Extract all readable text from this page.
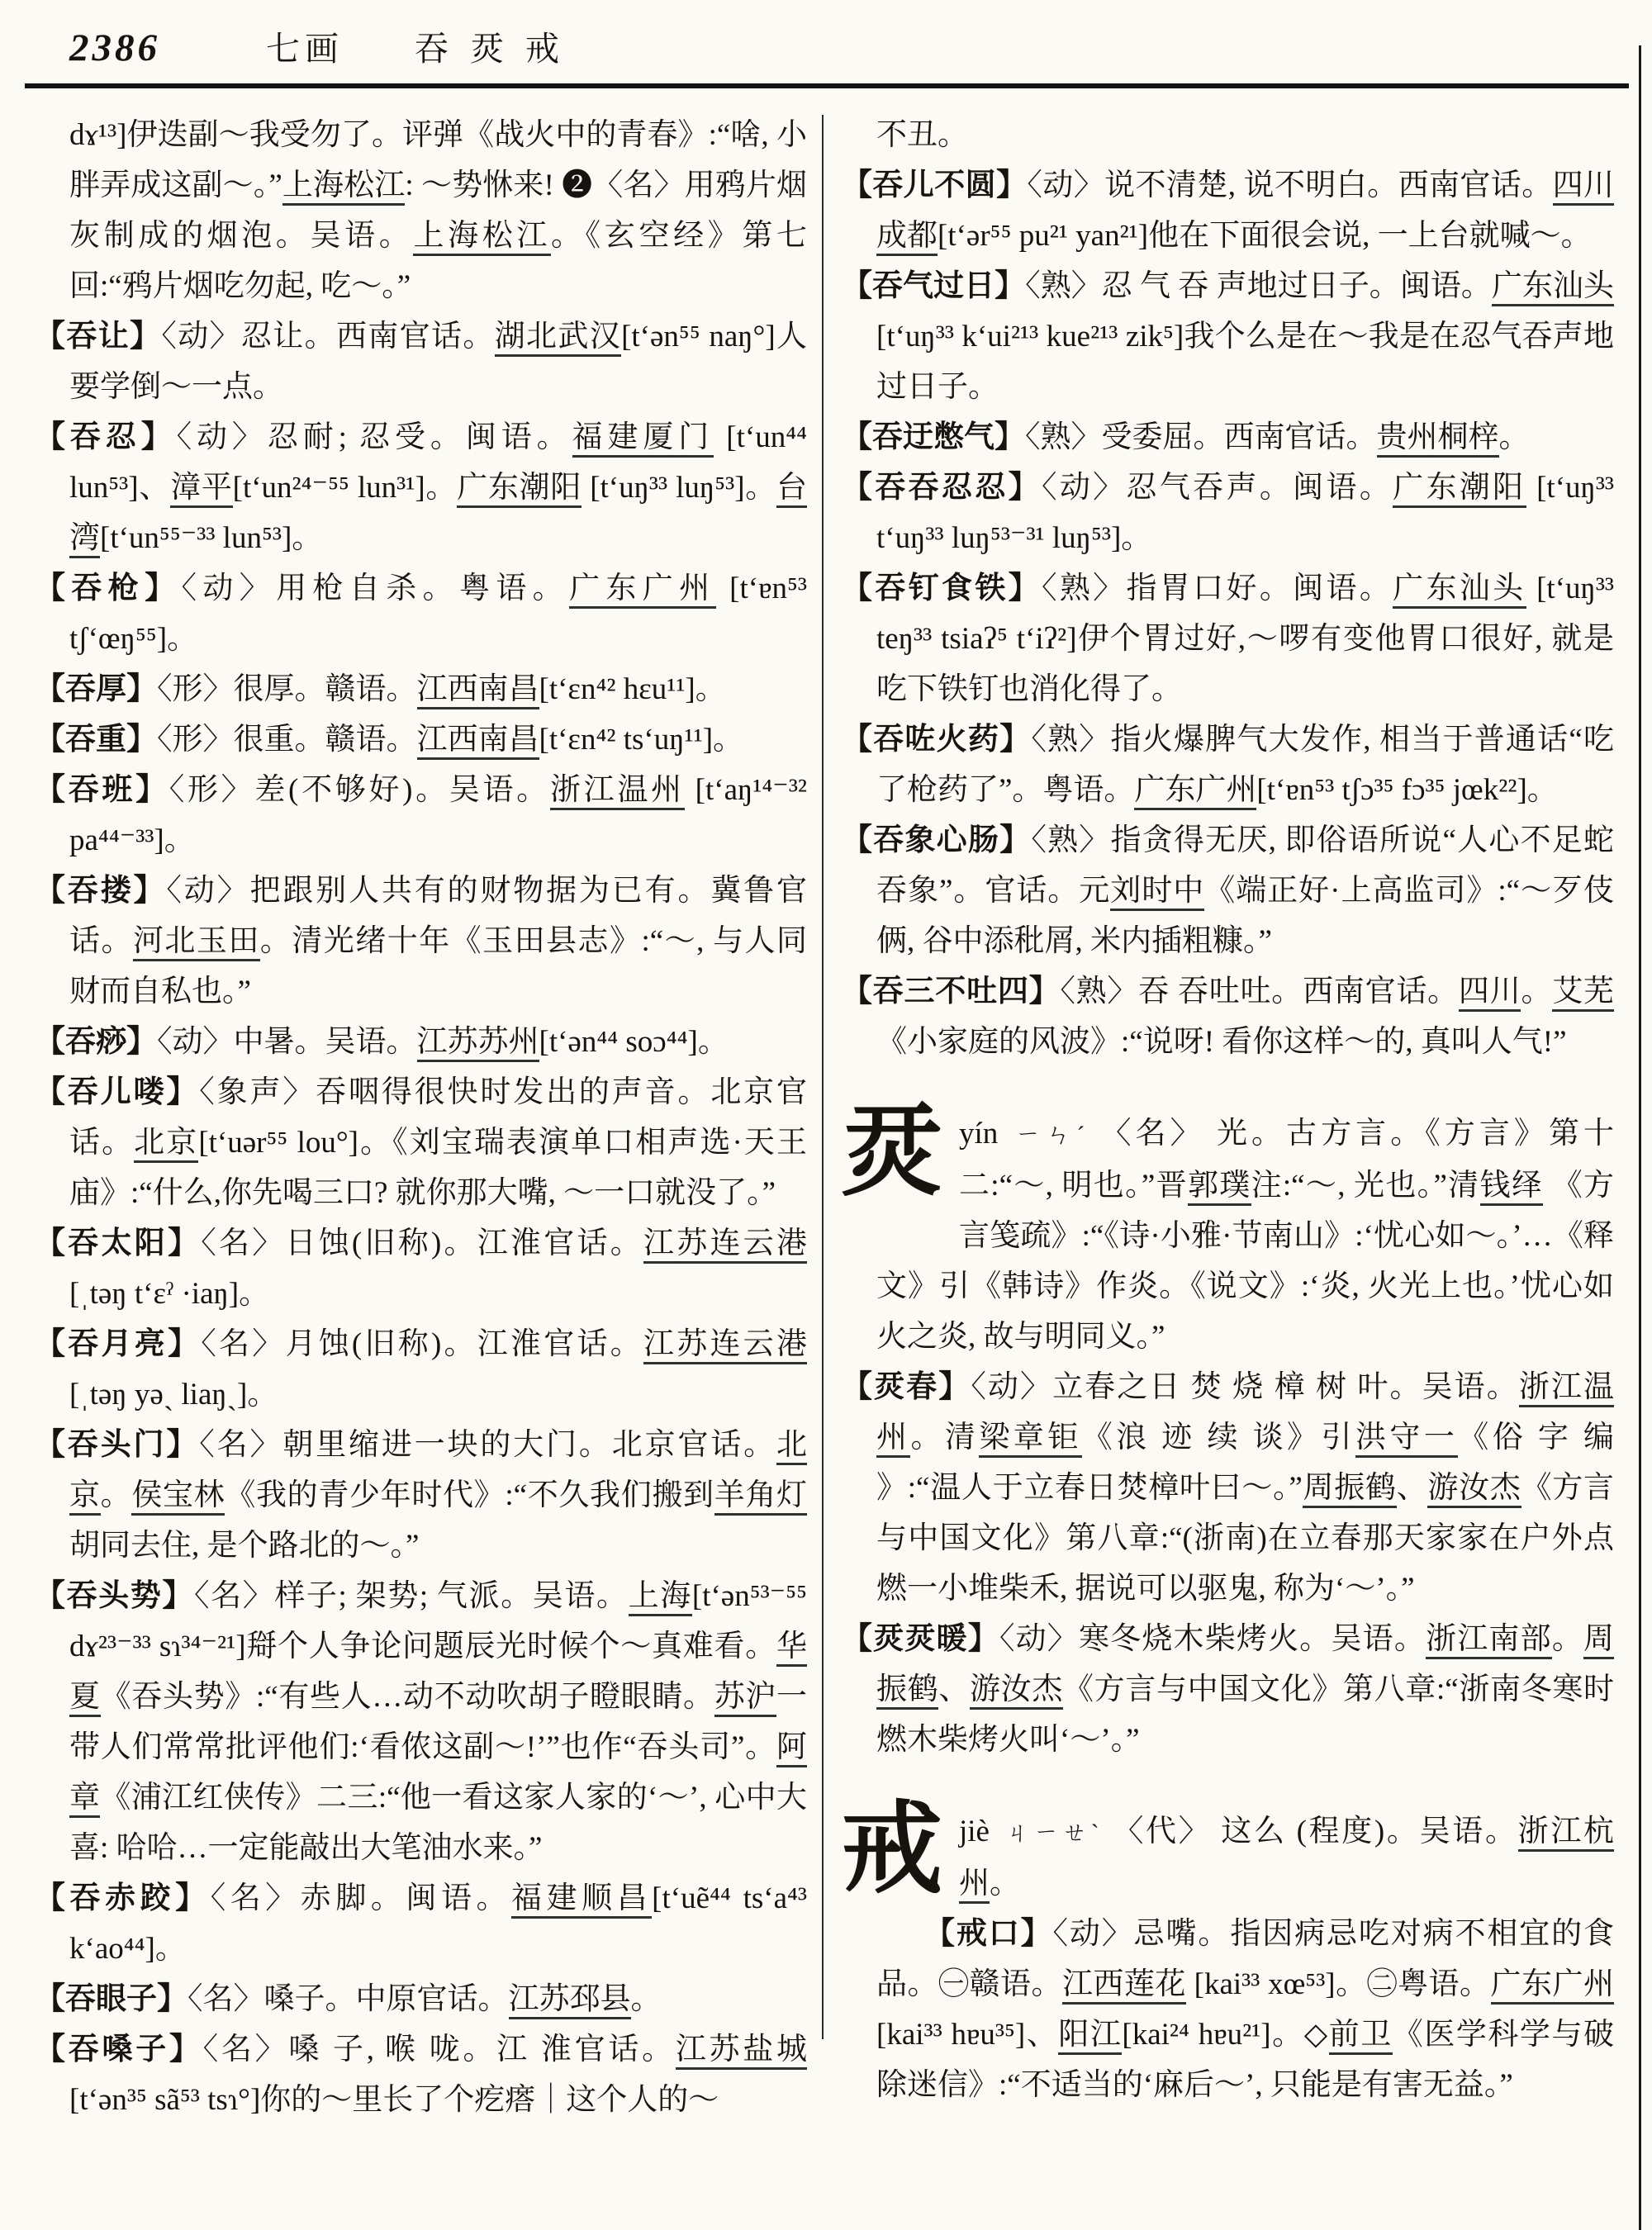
2386	七画 吞烎戒
dɤ¹³]伊迭副～我受勿了。评弹《战火中的青春》:“啥, 小胖弄成这副～。”上海松江: ～势恘来! ❷〈名〉用鸦片烟灰制成的烟泡。吴语。上海松江。《玄空经》第七回:“鸦片烟吃勿起, 吃～。”
【吞让】〈动〉忍让。西南官话。湖北武汉[tʻən⁵⁵ naŋ°]人要学倒～一点。
【吞忍】〈动〉忍耐; 忍受。闽语。福建厦门 [tʻun⁴⁴ lun⁵³]、漳平[tʻun²⁴⁻⁵⁵ lun³¹]。广东潮阳 [tʻuŋ³³ luŋ⁵³]。台湾[tʻun⁵⁵⁻³³ lun⁵³]。
【吞枪】〈动〉用枪自杀。粤语。广东广州 [tʻɐn⁵³ tʃʻœŋ⁵⁵]。
【吞厚】〈形〉很厚。赣语。江西南昌[tʻɛn⁴² hɛu¹¹]。
【吞重】〈形〉很重。赣语。江西南昌[tʻɛn⁴² tsʻuŋ¹¹]。
【吞班】〈形〉差(不够好)。吴语。浙江温州 [tʻaŋ¹⁴⁻³² pa⁴⁴⁻³³]。
【吞搂】〈动〉把跟别人共有的财物据为已有。冀鲁官话。河北玉田。清光绪十年《玉田县志》:“～, 与人同财而自私也。”
【吞痧】〈动〉中暑。吴语。江苏苏州[tʻən⁴⁴ soɔ⁴⁴]。
【吞儿喽】〈象声〉吞咽得很快时发出的声音。北京官话。北京[tʻuər⁵⁵ lou°]。《刘宝瑞表演单口相声选·天王庙》:“什么,你先喝三口? 就你那大嘴, ～一口就没了。”
【吞太阳】〈名〉日蚀(旧称)。江淮官话。江苏连云港 [ˌtəŋ tʻɛˀ ·iaŋ]。
【吞月亮】〈名〉月蚀(旧称)。江淮官话。江苏连云港 [ˌtəŋ yəˎ liaŋˎ]。
【吞头门】〈名〉朝里缩进一块的大门。北京官话。北京。侯宝林《我的青少年时代》:“不久我们搬到羊角灯胡同去住, 是个路北的～。”
【吞头势】〈名〉样子; 架势; 气派。吴语。上海[tʻən⁵³⁻⁵⁵ dɤ²³⁻³³ sɿ³⁴⁻²¹]搿个人争论问题辰光时候个～真难看。华夏《吞头势》:“有些人…动不动吹胡子瞪眼睛。苏沪一带人们常常批评他们:‘看侬这副～!’”也作“吞头司”。阿章《浦江红侠传》二三:“他一看这家人家的‘～’, 心中大喜: 哈哈…一定能敲出大笔油水来。”
【吞赤跤】〈名〉赤脚。闽语。福建顺昌[tʻuẽ⁴⁴ tsʻa⁴³ kʻao⁴⁴]。
【吞眼子】〈名〉嗓子。中原官话。江苏邳县。
【吞嗓子】〈名〉嗓 子, 喉 咙。江 淮官话。江苏盐城[tʻən³⁵ sã⁵³ tsɿ°]你的～里长了个疙瘩｜这个人的～
不丑。
【吞儿不圆】〈动〉说不清楚, 说不明白。西南官话。四川成都[tʻər⁵⁵ pu²¹ yan²¹]他在下面很会说, 一上台就喊～。
【吞气过日】〈熟〉忍 气 吞 声地过日子。闽语。广东汕头[tʻuŋ³³ kʻui²¹³ kue²¹³ zik⁵]我个么是在～我是在忍气吞声地过日子。
【吞迂憋气】〈熟〉受委屈。西南官话。贵州桐梓。
【吞吞忍忍】〈动〉忍气吞声。闽语。广东潮阳 [tʻuŋ³³ tʻuŋ³³ luŋ⁵³⁻³¹ luŋ⁵³]。
【吞钉食铁】〈熟〉指胃口好。闽语。广东汕头 [tʻuŋ³³ teŋ³³ tsiaʔ⁵ tʻiʔ²]伊个胃过好,～啰有变他胃口很好, 就是吃下铁钉也消化得了。
【吞咗火药】〈熟〉指火爆脾气大发作, 相当于普通话“吃了枪药了”。粤语。广东广州[tʻɐn⁵³ tʃɔ³⁵ fɔ³⁵ jœk²²]。
【吞象心肠】〈熟〉指贪得无厌, 即俗语所说“人心不足蛇吞象”。官话。元刘时中《端正好·上高监司》:“～歹伎俩, 谷中添秕屑, 米内插粗糠。”
【吞三不吐四】〈熟〉吞 吞吐吐。西南官话。四川。艾芜《小家庭的风波》:“说呀! 看你这样～的, 真叫人气!”
烎yín ㄧㄣˊ 〈名〉 光。古方言。《方言》第十二:“～, 明也。”晋郭璞注:“～, 光也。”清钱绎 《方言笺疏》:“《诗·小雅·节南山》:‘忧心如～。’…《释文》引《韩诗》作炎。《说文》:‘炎, 火光上也。’忧心如火之炎, 故与明同义。”
【烎春】〈动〉立春之日 焚 烧 樟 树 叶。吴语。浙江温州。清梁章钜《浪 迹 续 谈》引洪守一《俗 字 编 》:“温人于立春日焚樟叶曰～。”周振鹤、游汝杰《方言与中国文化》第八章:“(浙南)在立春那天家家在户外点燃一小堆柴禾, 据说可以驱鬼, 称为‘～’。”
【烎烎暖】〈动〉寒冬烧木柴烤火。吴语。浙江南部。周振鹤、游汝杰《方言与中国文化》第八章:“浙南冬寒时燃木柴烤火叫‘～’。”
戒jiè ㄐㄧㄝˋ 〈代〉 这么 (程度)。吴语。浙江杭州。
【戒口】〈动〉忌嘴。指因病忌吃对病不相宜的食品。㊀赣语。江西莲花 [kai³³ xœ⁵³]。㊁粤语。广东广州[kai³³ hɐu³⁵]、阳江[kai²⁴ hɐu²¹]。◇前卫《医学科学与破除迷信》:“不适当的‘麻后～’, 只能是有害无益。”
